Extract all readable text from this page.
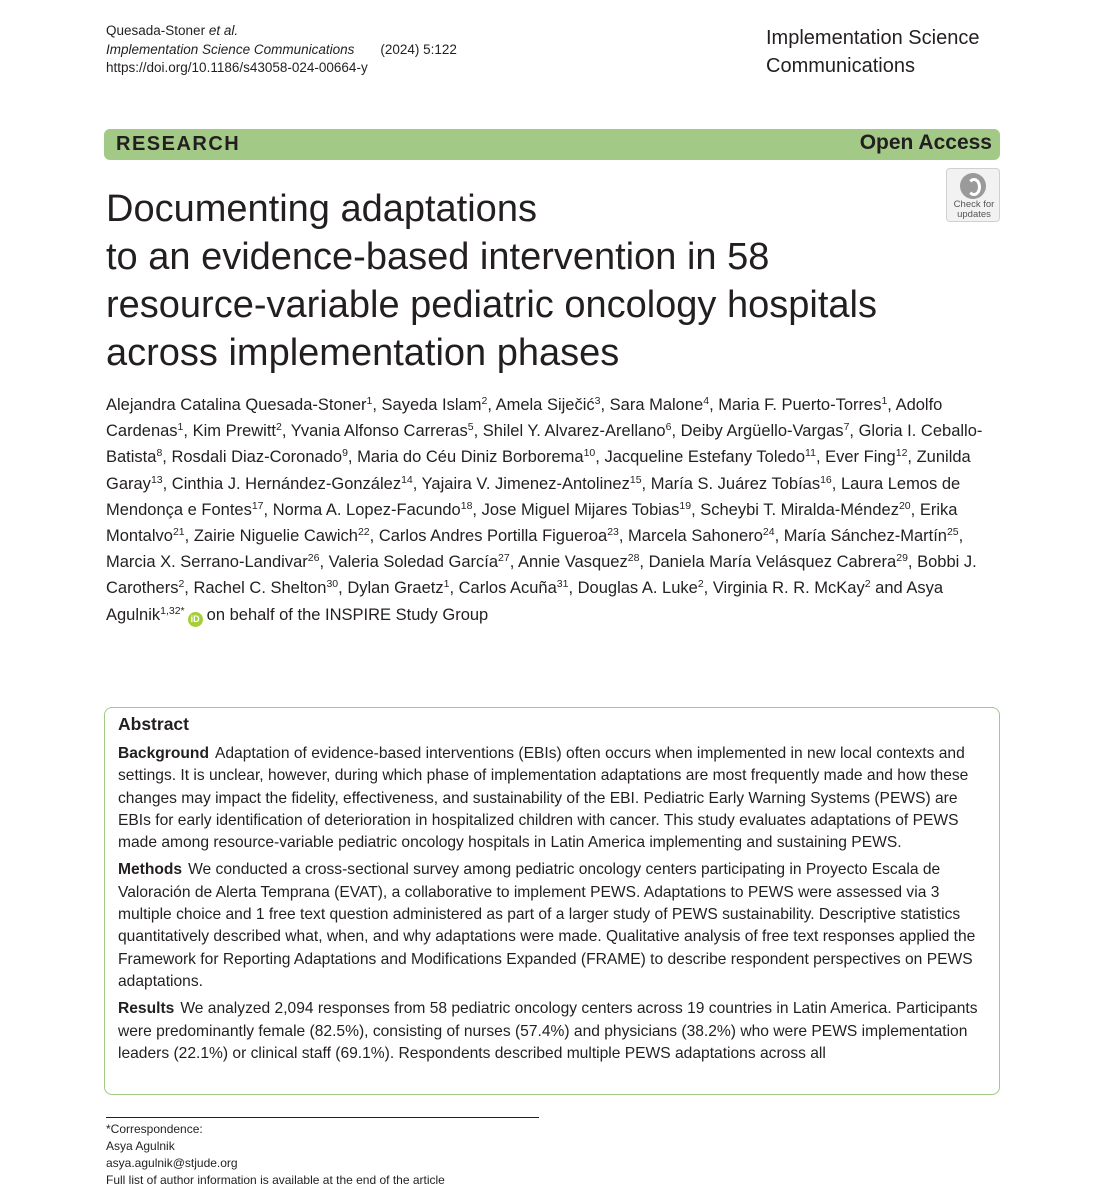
Quesada-Stoner et al.
Implementation Science Communications (2024) 5:122
https://doi.org/10.1186/s43058-024-00664-y
Implementation Science
Communications
RESEARCH	Open Access
Check for
updates
Documenting adaptations
to an evidence-based intervention in 58
resource-variable pediatric oncology hospitals
across implementation phases
Alejandra Catalina Quesada-Stoner$^1$, Sayeda Islam$^2$, Amela Siječić$^3$, Sara Malone$^4$, Maria F. Puerto-Torres$^1$, Adolfo Cardenas$^1$, Kim Prewitt$^2$, Yvania Alfonso Carreras$^5$, Shilel Y. Alvarez-Arellano$^6$, Deiby Argüello-Vargas$^7$, Gloria I. Ceballo-Batista$^8$, Rosdali Diaz-Coronado$^9$, Maria do Céu Diniz Borborema$^{10}$, Jacqueline Estefany Toledo$^{11}$, Ever Fing$^{12}$, Zunilda Garay$^{13}$, Cinthia J. Hernández-González$^{14}$, Yajaira V. Jimenez-Antolinez$^{15}$, María S. Juárez Tobías$^{16}$, Laura Lemos de Mendonça e Fontes$^{17}$, Norma A. Lopez-Facundo$^{18}$, Jose Miguel Mijares Tobias$^{19}$, Scheybi T. Miralda-Méndez$^{20}$, Erika Montalvo$^{21}$, Zairie Niguelie Cawich$^{22}$, Carlos Andres Portilla Figueroa$^{23}$, Marcela Sahonero$^{24}$, María Sánchez-Martín$^{25}$, Marcia X. Serrano-Landivar$^{26}$, Valeria Soledad García$^{27}$, Annie Vasquez$^{28}$, Daniela María Velásquez Cabrera$^{29}$, Bobbi J. Carothers$^2$, Rachel C. Shelton$^{30}$, Dylan Graetz$^1$, Carlos Acuña$^{31}$, Douglas A. Luke$^2$, Virginia R. R. McKay$^2$ and Asya Agulnik$^{1,32*}$iD on behalf of the INSPIRE Study Group
Abstract

Background Adaptation of evidence-based interventions (EBIs) often occurs when implemented in new local contexts and settings. It is unclear, however, during which phase of implementation adaptations are most frequently made and how these changes may impact the fidelity, effectiveness, and sustainability of the EBI. Pediatric Early Warning Systems (PEWS) are EBIs for early identification of deterioration in hospitalized children with cancer. This study evaluates adaptations of PEWS made among resource-variable pediatric oncology hospitals in Latin America implementing and sustaining PEWS.

Methods We conducted a cross-sectional survey among pediatric oncology centers participating in Proyecto Escala de Valoración de Alerta Temprana (EVAT), a collaborative to implement PEWS. Adaptations to PEWS were assessed via 3 multiple choice and 1 free text question administered as part of a larger study of PEWS sustainability. Descriptive statistics quantitatively described what, when, and why adaptations were made. Qualitative analysis of free text responses applied the Framework for Reporting Adaptations and Modifications Expanded (FRAME) to describe respondent perspectives on PEWS adaptations.

Results We analyzed 2,094 responses from 58 pediatric oncology centers across 19 countries in Latin America. Participants were predominantly female (82.5%), consisting of nurses (57.4%) and physicians (38.2%) who were PEWS implementation leaders (22.1%) or clinical staff (69.1%). Respondents described multiple PEWS adaptations across all

*Correspondence:
Asya Agulnik
asya.agulnik@stjude.org
Full list of author information is available at the end of the article
